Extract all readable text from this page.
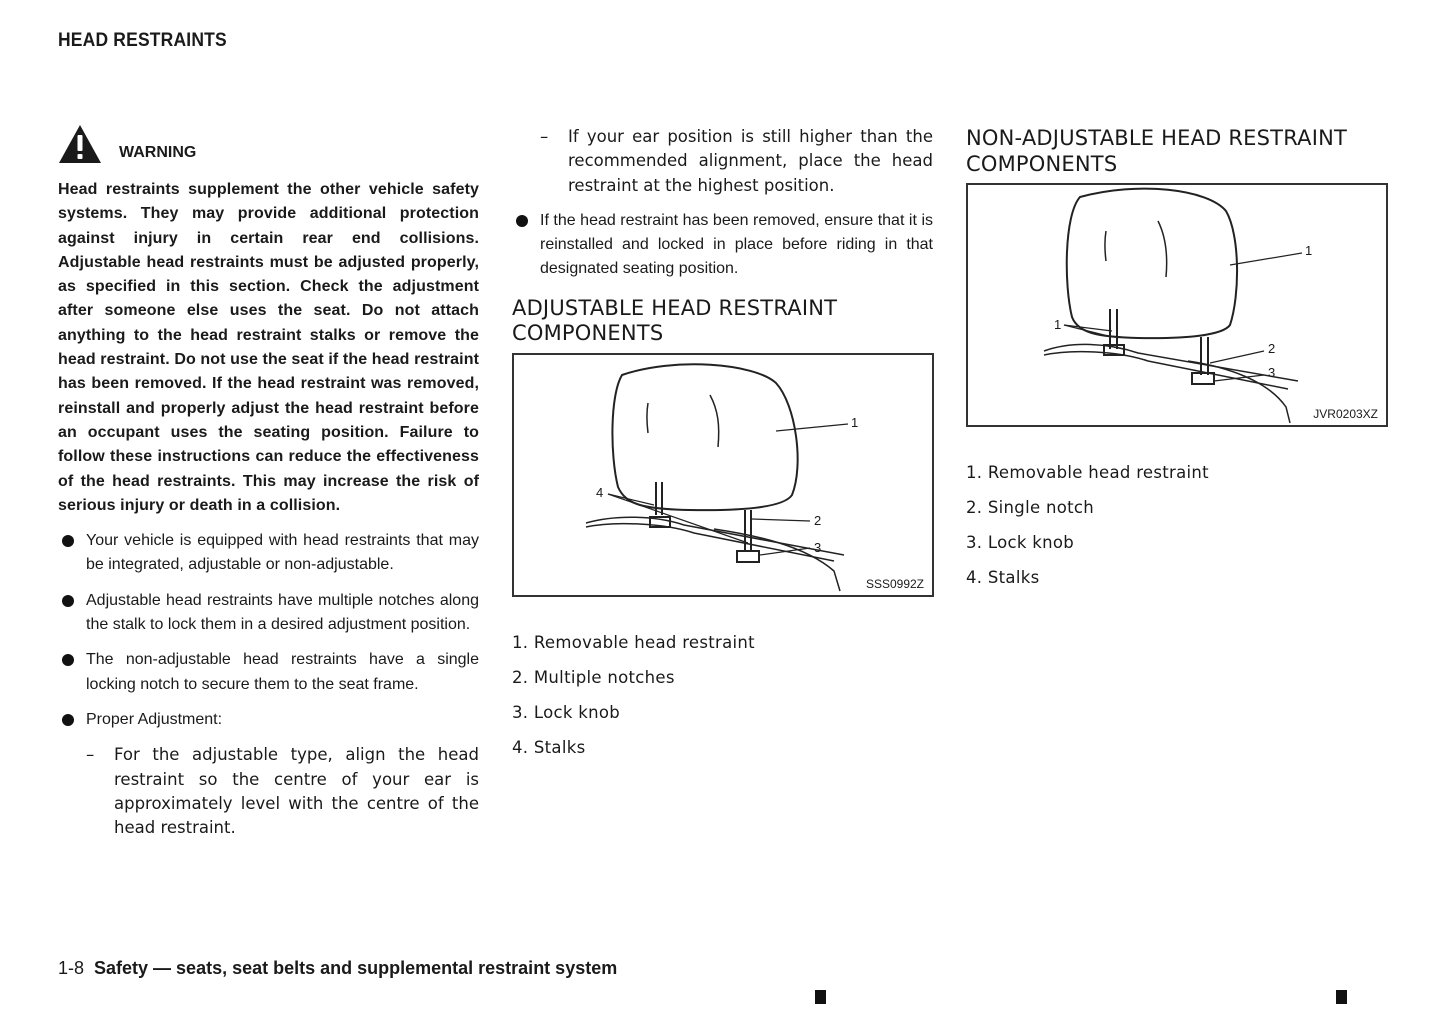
HEAD RESTRAINTS
WARNING
Head restraints supplement the other vehicle safety systems. They may provide additional protection against injury in certain rear end collisions. Adjustable head restraints must be adjusted properly, as specified in this section. Check the adjustment after someone else uses the seat. Do not attach anything to the head restraint stalks or remove the head restraint. Do not use the seat if the head restraint has been removed. If the head restraint was removed, reinstall and properly adjust the head restraint before an occupant uses the seating position. Failure to follow these instructions can reduce the effectiveness of the head restraints. This may increase the risk of serious injury or death in a collision.
Your vehicle is equipped with head restraints that may be integrated, adjustable or non-adjustable.
Adjustable head restraints have multiple notches along the stalk to lock them in a desired adjustment position.
The non-adjustable head restraints have a single locking notch to secure them to the seat frame.
Proper Adjustment:
– For the adjustable type, align the head restraint so the centre of your ear is approximately level with the centre of the head restraint.
– If your ear position is still higher than the recommended alignment, place the head restraint at the highest position.
If the head restraint has been removed, ensure that it is reinstalled and locked in place before riding in that designated seating position.
ADJUSTABLE HEAD RESTRAINT COMPONENTS
1
2
3
4
SSS0992Z
1. Removable head restraint
2. Multiple notches
3. Lock knob
4. Stalks
NON-ADJUSTABLE HEAD RESTRAINT COMPONENTS
1
1
2
3
JVR0203XZ
1. Removable head restraint
2. Single notch
3. Lock knob
4. Stalks
1-8 Safety — seats, seat belts and supplemental restraint system
